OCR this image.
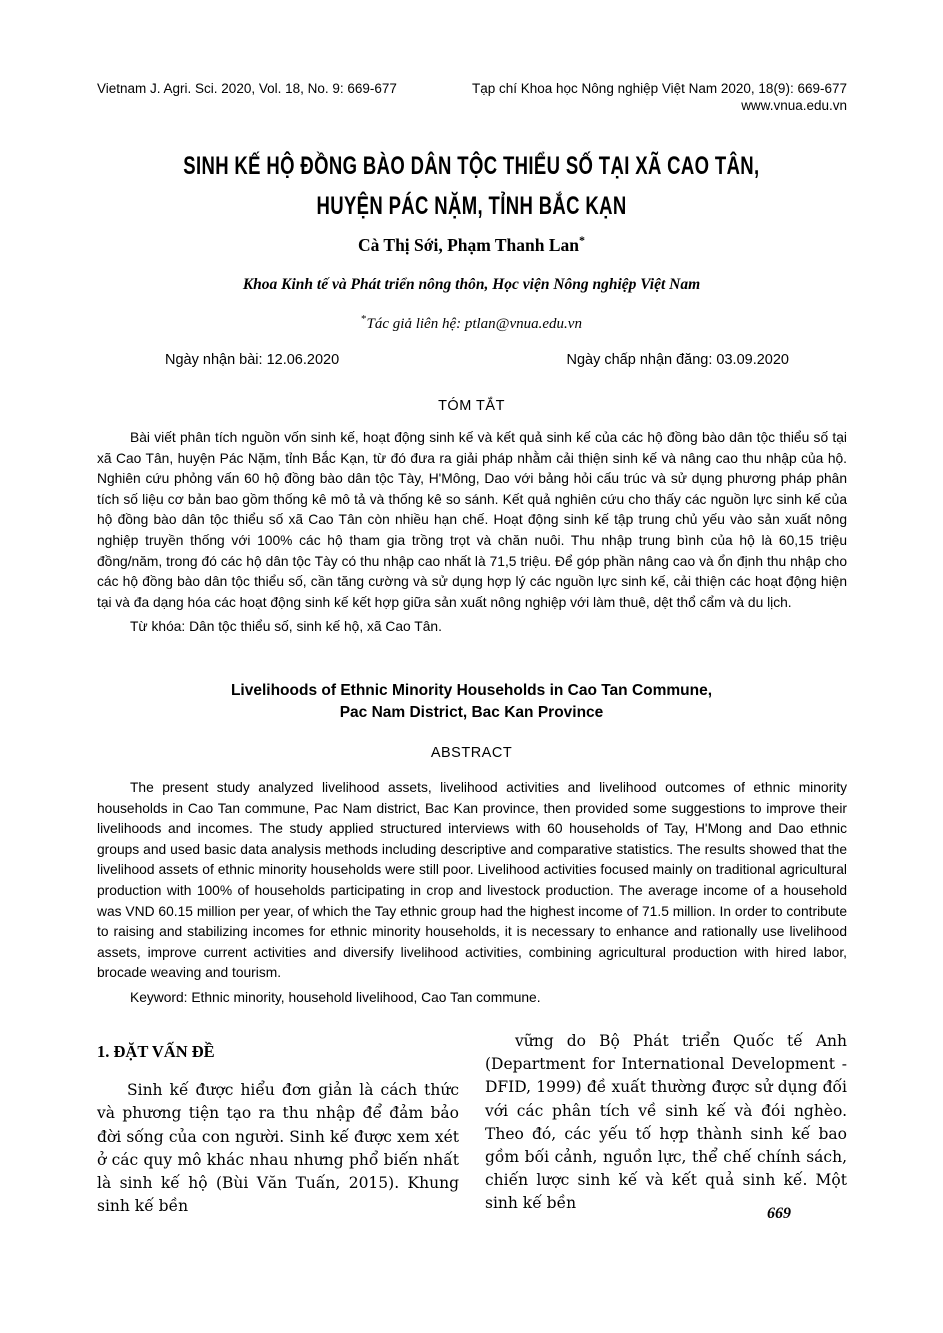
Vietnam J. Agri. Sci. 2020, Vol. 18, No. 9: 669-677	Tạp chí Khoa học Nông nghiệp Việt Nam 2020, 18(9): 669-677
www.vnua.edu.vn
SINH KẾ HỘ ĐỒNG BÀO DÂN TỘC THIỂU SỐ TẠI XÃ CAO TÂN,
HUYỆN PÁC NẶM, TỈNH BẮC KẠN
Cà Thị Sới, Phạm Thanh Lan*
Khoa Kinh tế và Phát triển nông thôn, Học viện Nông nghiệp Việt Nam
*Tác giả liên hệ: ptlan@vnua.edu.vn
Ngày nhận bài: 12.06.2020	Ngày chấp nhận đăng: 03.09.2020
TÓM TẮT
Bài viết phân tích nguồn vốn sinh kế, hoạt động sinh kế và kết quả sinh kế của các hộ đồng bào dân tộc thiểu số tại xã Cao Tân, huyện Pác Nặm, tỉnh Bắc Kạn, từ đó đưa ra giải pháp nhằm cải thiện sinh kế và nâng cao thu nhập của hộ. Nghiên cứu phỏng vấn 60 hộ đồng bào dân tộc Tày, H'Mông, Dao với bảng hỏi cấu trúc và sử dụng phương pháp phân tích số liệu cơ bản bao gồm thống kê mô tả và thống kê so sánh. Kết quả nghiên cứu cho thấy các nguồn lực sinh kế của hộ đồng bào dân tộc thiểu số xã Cao Tân còn nhiều hạn chế. Hoạt động sinh kế tập trung chủ yếu vào sản xuất nông nghiệp truyền thống với 100% các hộ tham gia trồng trọt và chăn nuôi. Thu nhập trung bình của hộ là 60,15 triệu đồng/năm, trong đó các hộ dân tộc Tày có thu nhập cao nhất là 71,5 triệu. Để góp phần nâng cao và ổn định thu nhập cho các hộ đồng bào dân tộc thiểu số, cần tăng cường và sử dụng hợp lý các nguồn lực sinh kế, cải thiện các hoạt động hiện tại và đa dạng hóa các hoạt động sinh kế kết hợp giữa sản xuất nông nghiệp với làm thuê, dệt thổ cẩm và du lịch.
Từ khóa: Dân tộc thiểu số, sinh kế hộ, xã Cao Tân.
Livelihoods of Ethnic Minority Households in Cao Tan Commune,
Pac Nam District, Bac Kan Province
ABSTRACT
The present study analyzed livelihood assets, livelihood activities and livelihood outcomes of ethnic minority households in Cao Tan commune, Pac Nam district, Bac Kan province, then provided some suggestions to improve their livelihoods and incomes. The study applied structured interviews with 60 households of Tay, H'Mong and Dao ethnic groups and used basic data analysis methods including descriptive and comparative statistics. The results showed that the livelihood assets of ethnic minority households were still poor. Livelihood activities focused mainly on traditional agricultural production with 100% of households participating in crop and livestock production. The average income of a household was VND 60.15 million per year, of which the Tay ethnic group had the highest income of 71.5 million. In order to contribute to raising and stabilizing incomes for ethnic minority households, it is necessary to enhance and rationally use livelihood assets, improve current activities and diversify livelihood activities, combining agricultural production with hired labor, brocade weaving and tourism.
Keyword: Ethnic minority, household livelihood, Cao Tan commune.
1. ĐẶT VẤN ĐỀ

Sinh kế được hiểu đơn giản là cách thức và phương tiện tạo ra thu nhập để đảm bảo đời sống của con người. Sinh kế được xem xét ở các quy mô khác nhau nhưng phổ biến nhất là sinh kế hộ (Bùi Văn Tuấn, 2015). Khung sinh kế bền

vững do Bộ Phát triển Quốc tế Anh (Department for International Development - DFID, 1999) đề xuất thường được sử dụng đối với các phân tích về sinh kế và đói nghèo. Theo đó, các yếu tố hợp thành sinh kế bao gồm bối cảnh, nguồn lực, thể chế chính sách, chiến lược sinh kế và kết quả sinh kế. Một sinh kế bền

669
